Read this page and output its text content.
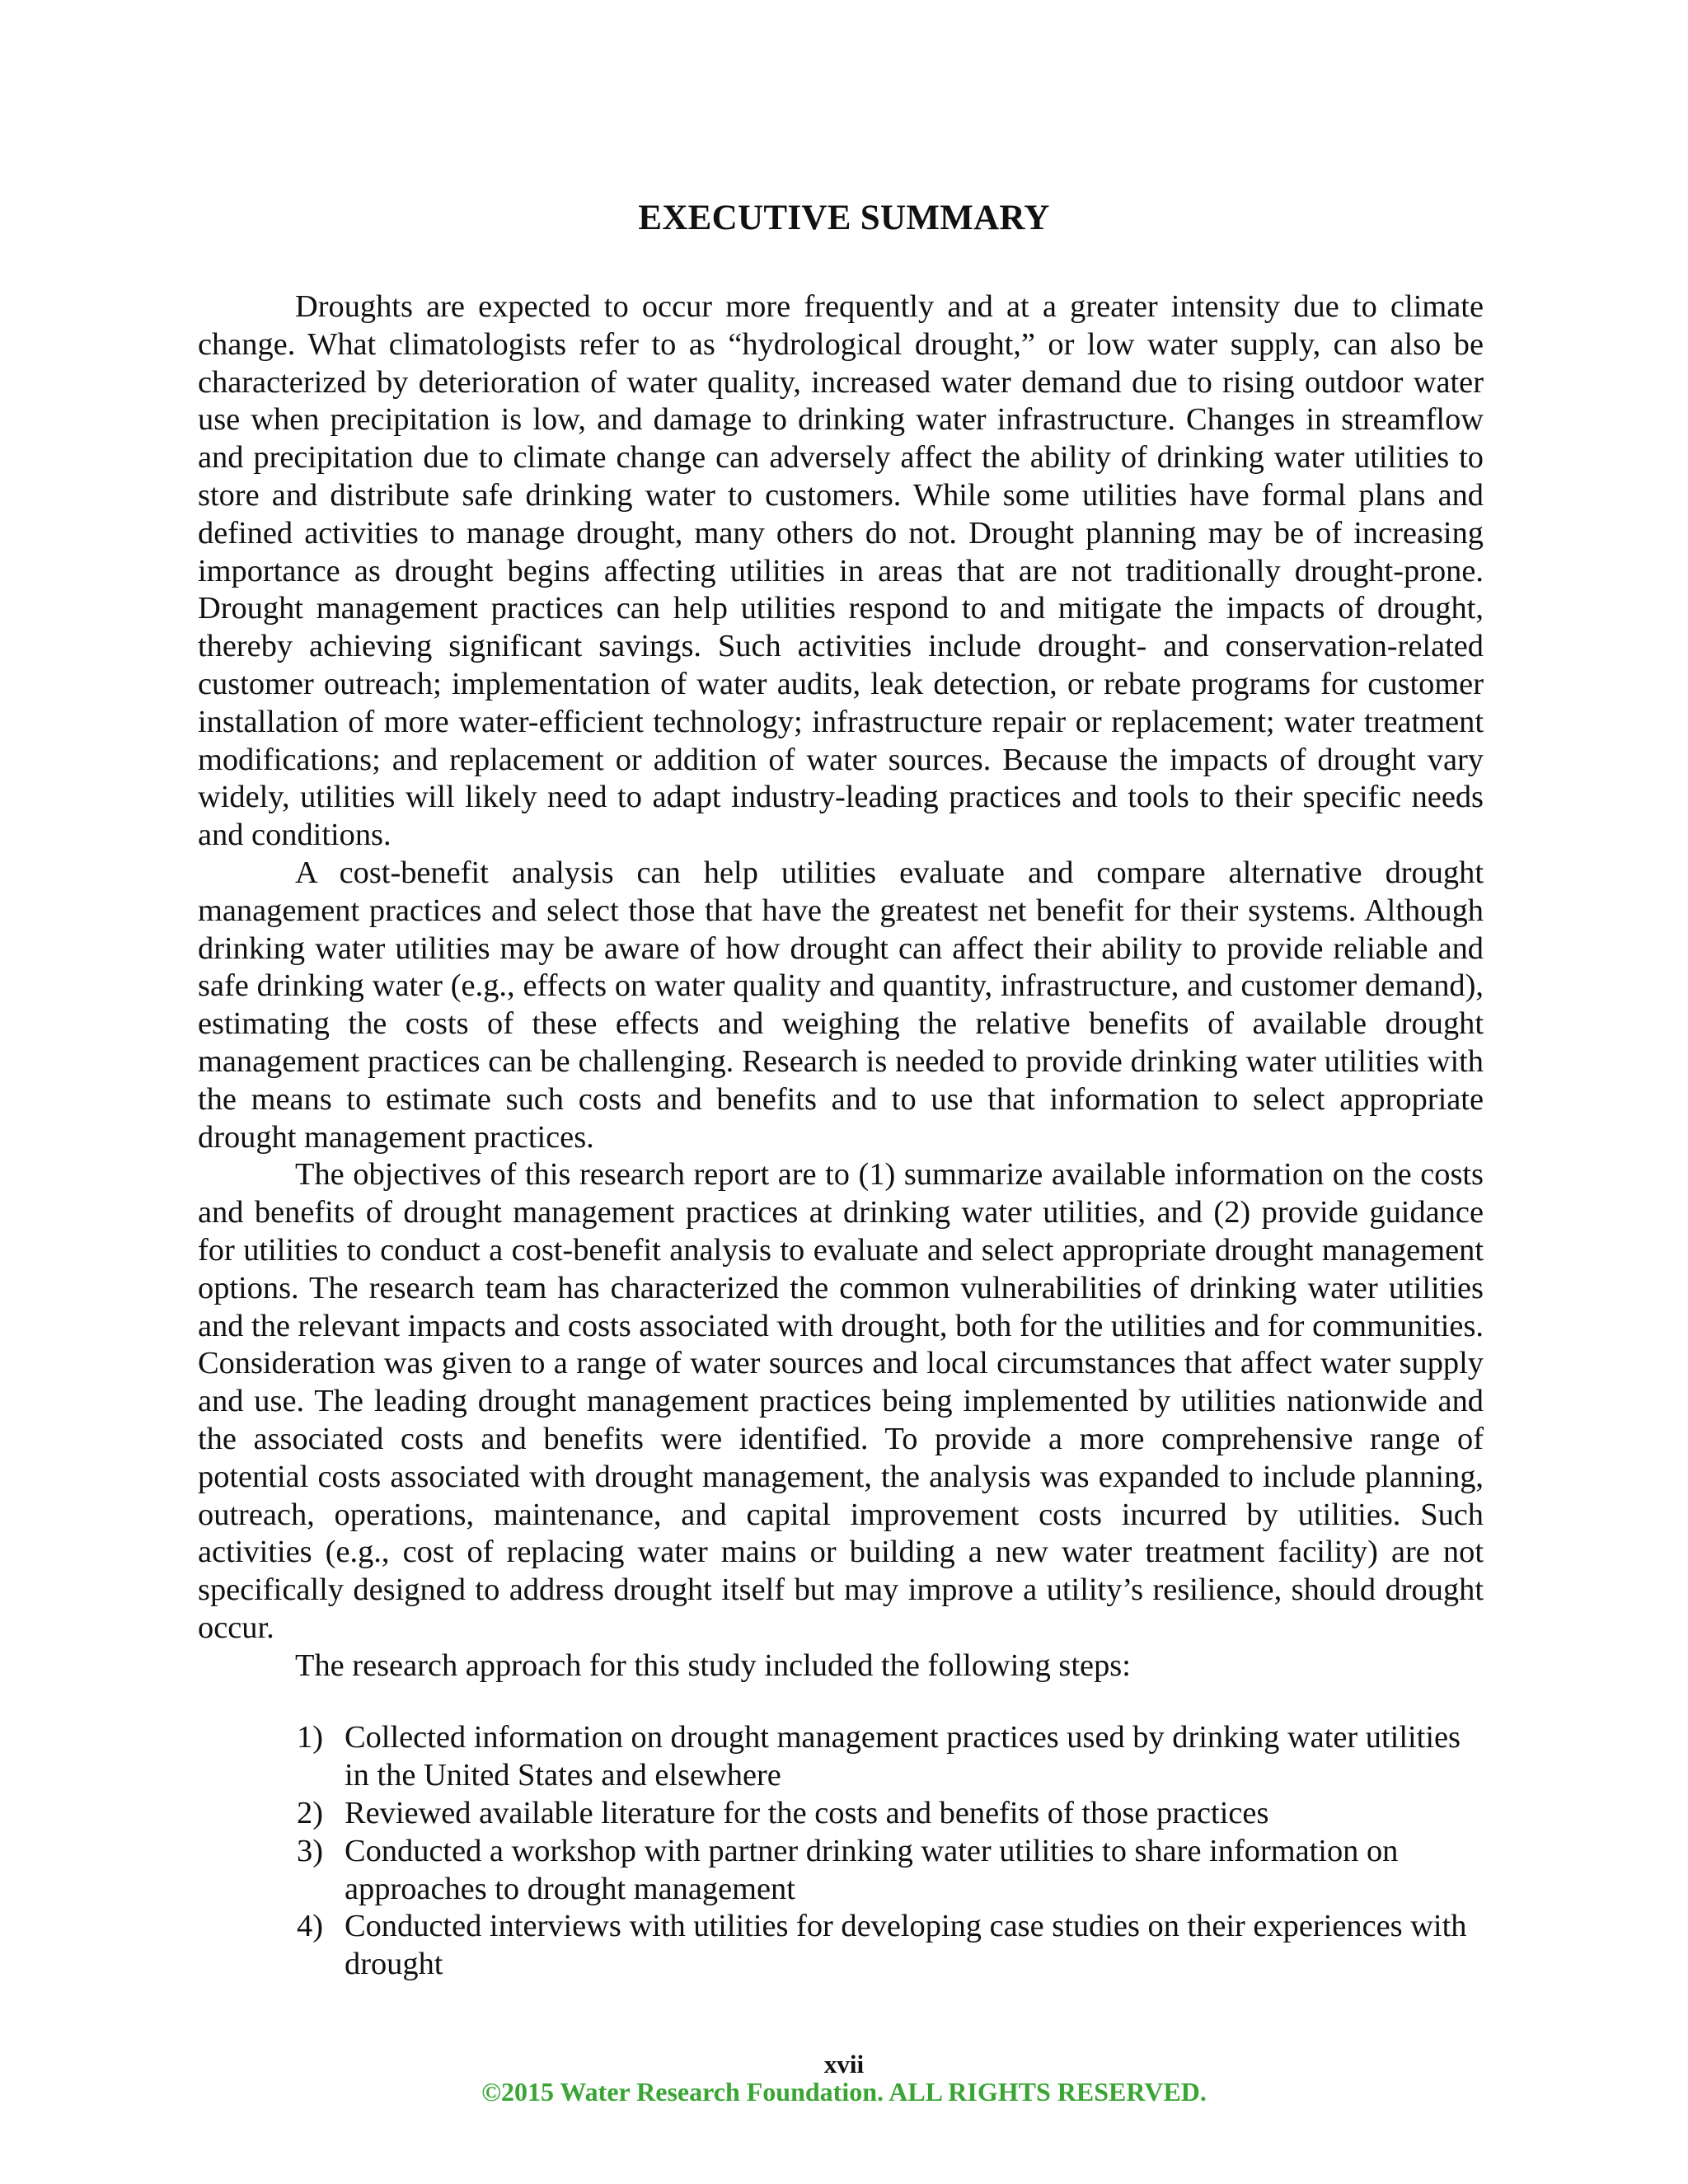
EXECUTIVE SUMMARY

Droughts are expected to occur more frequently and at a greater intensity due to climate change. What climatologists refer to as “hydrological drought,” or low water supply, can also be characterized by deterioration of water quality, increased water demand due to rising outdoor water use when precipitation is low, and damage to drinking water infrastructure. Changes in streamflow and precipitation due to climate change can adversely affect the ability of drinking water utilities to store and distribute safe drinking water to customers. While some utilities have formal plans and defined activities to manage drought, many others do not. Drought planning may be of increasing importance as drought begins affecting utilities in areas that are not traditionally drought-prone. Drought management practices can help utilities respond to and mitigate the impacts of drought, thereby achieving significant savings. Such activities include drought- and conservation-related customer outreach; implementation of water audits, leak detection, or rebate programs for customer installation of more water-efficient technology; infrastructure repair or replacement; water treatment modifications; and replacement or addition of water sources. Because the impacts of drought vary widely, utilities will likely need to adapt industry-leading practices and tools to their specific needs and conditions.

A cost-benefit analysis can help utilities evaluate and compare alternative drought management practices and select those that have the greatest net benefit for their systems. Although drinking water utilities may be aware of how drought can affect their ability to provide reliable and safe drinking water (e.g., effects on water quality and quantity, infrastructure, and customer demand), estimating the costs of these effects and weighing the relative benefits of available drought management practices can be challenging. Research is needed to provide drinking water utilities with the means to estimate such costs and benefits and to use that information to select appropriate drought management practices.

The objectives of this research report are to (1) summarize available information on the costs and benefits of drought management practices at drinking water utilities, and (2) provide guidance for utilities to conduct a cost-benefit analysis to evaluate and select appropriate drought management options. The research team has characterized the common vulnerabilities of drinking water utilities and the relevant impacts and costs associated with drought, both for the utilities and for communities. Consideration was given to a range of water sources and local circumstances that affect water supply and use. The leading drought management practices being implemented by utilities nationwide and the associated costs and benefits were identified. To provide a more comprehensive range of potential costs associated with drought management, the analysis was expanded to include planning, outreach, operations, maintenance, and capital improvement costs incurred by utilities. Such activities (e.g., cost of replacing water mains or building a new water treatment facility) are not specifically designed to address drought itself but may improve a utility’s resilience, should drought occur.

The research approach for this study included the following steps:

1) Collected information on drought management practices used by drinking water utilities in the United States and elsewhere
2) Reviewed available literature for the costs and benefits of those practices
3) Conducted a workshop with partner drinking water utilities to share information on approaches to drought management
4) Conducted interviews with utilities for developing case studies on their experiences with drought
xvii
©2015 Water Research Foundation. ALL RIGHTS RESERVED.
